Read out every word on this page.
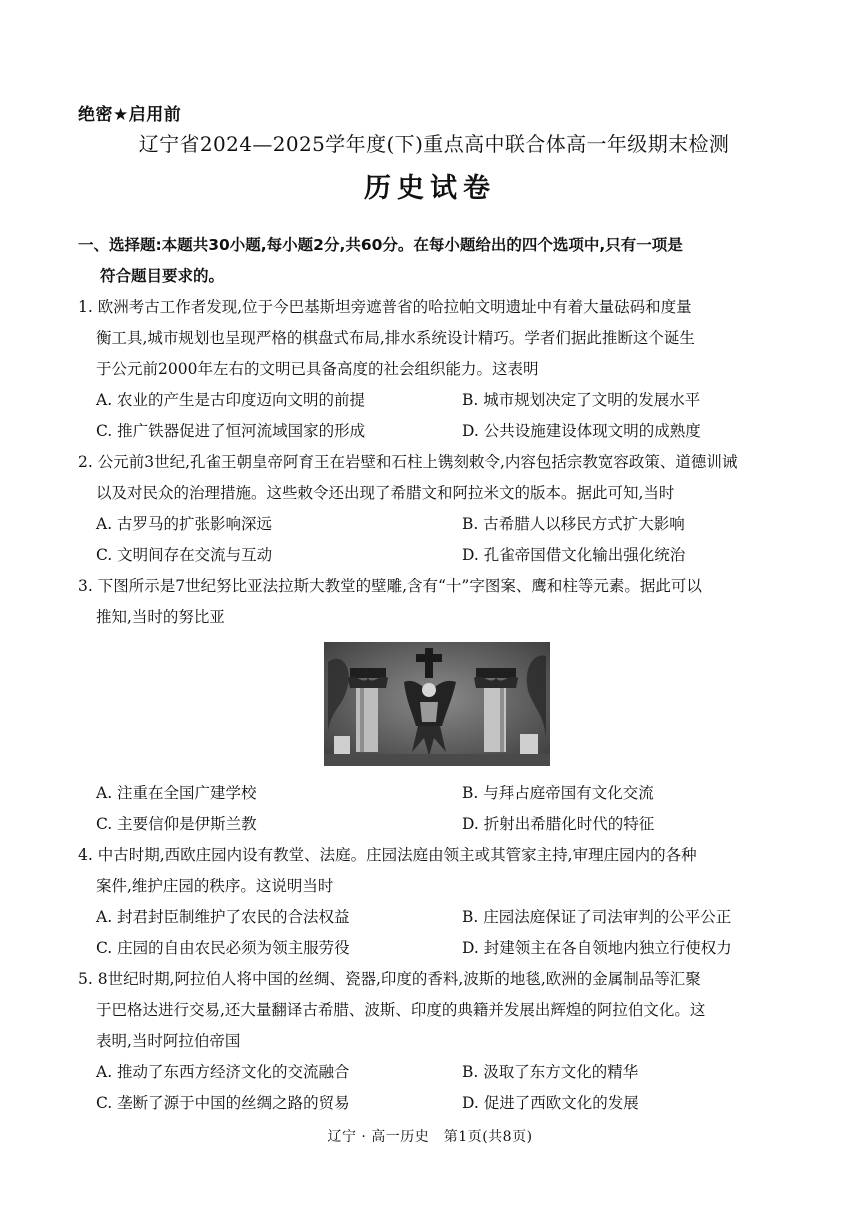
绝密★启用前
辽宁省2024—2025学年度(下)重点高中联合体高一年级期末检测
历史试卷
一、选择题:本题共30小题,每小题2分,共60分。在每小题给出的四个选项中,只有一项是
符合题目要求的。
1. 欧洲考古工作者发现,位于今巴基斯坦旁遮普省的哈拉帕文明遗址中有着大量砝码和度量
衡工具,城市规划也呈现严格的棋盘式布局,排水系统设计精巧。学者们据此推断这个诞生
于公元前2000年左右的文明已具备高度的社会组织能力。这表明
A. 农业的产生是古印度迈向文明的前提	B. 城市规划决定了文明的发展水平
C. 推广铁器促进了恒河流域国家的形成	D. 公共设施建设体现文明的成熟度
2. 公元前3世纪,孔雀王朝皇帝阿育王在岩壁和石柱上镌刻敕令,内容包括宗教宽容政策、道德训诫
以及对民众的治理措施。这些敕令还出现了希腊文和阿拉米文的版本。据此可知,当时
A. 古罗马的扩张影响深远	B. 古希腊人以移民方式扩大影响
C. 文明间存在交流与互动	D. 孔雀帝国借文化输出强化统治
3. 下图所示是7世纪努比亚法拉斯大教堂的壁雕,含有“十”字图案、鹰和柱等元素。据此可以
推知,当时的努比亚
A. 注重在全国广建学校	B. 与拜占庭帝国有文化交流
C. 主要信仰是伊斯兰教	D. 折射出希腊化时代的特征
4. 中古时期,西欧庄园内设有教堂、法庭。庄园法庭由领主或其管家主持,审理庄园内的各种
案件,维护庄园的秩序。这说明当时
A. 封君封臣制维护了农民的合法权益	B. 庄园法庭保证了司法审判的公平公正
C. 庄园的自由农民必须为领主服劳役	D. 封建领主在各自领地内独立行使权力
5. 8世纪时期,阿拉伯人将中国的丝绸、瓷器,印度的香料,波斯的地毯,欧洲的金属制品等汇聚
于巴格达进行交易,还大量翻译古希腊、波斯、印度的典籍并发展出辉煌的阿拉伯文化。这
表明,当时阿拉伯帝国
A. 推动了东西方经济文化的交流融合	B. 汲取了东方文化的精华
C. 垄断了源于中国的丝绸之路的贸易	D. 促进了西欧文化的发展
辽宁 · 高一历史　第1页(共8页)
